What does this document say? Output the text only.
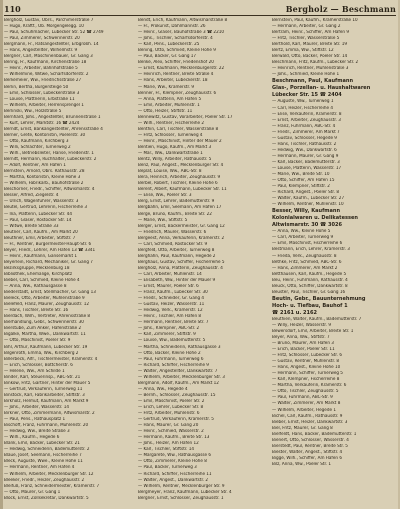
110	Bergholz — Beschmann
Bergholz, Gustav, Obrs., Parchimerstraße 7
— Hugo, Kraftf., Ob. Morgengelegg. 10
— Paul, Schuhmacher, Lübecker Str. 52 ☎ 2749
— Paul, Zimmerer, Schwerinerstr. 20
Bergmann, Fr., Ratsangestellter, Erbgroßh. 14
— Hans, Angestellter, Wilhelmstr. 9
Bergner, Carl, Maschinenbauer, Gr. Gang 3
Bering, Fr., Kaufmann, Kirchenstraße 18
— Heinr., Arbeiter, Bahnhofstraße 5
— Wilhelmine, Witwe, Scharfsdorferstr. 2
Berkemeier, Ww., Friedrichsstraße 27
Berlin, Bertha, Bürgersteige 50
— Emil, Schlosser, Lübeckerstraße 3
— Louise, Plättnerin, Erbstraße 11
— Wilhelm, Arbeiter, Herrensprengel 1
Berlinski, Ww., Holzstraße 5
Bernhard, Johs., Angestellter, Brunnenstraße 1
— Kurt, Lehrer, Marktstr. 16 ☎ 2424
Berndt, Ernst, Bankangestellter, Ahrensstraße 4
Berner, Grete, Kontoristin, Poelerstr. 30
— Otto, Kaufmann, Kirchberg 3
— Willi, Schlachter, Turnerweg 2
— Wilh., Betriebsleiter, Hanse, Friedenstr. 1
Bernitt, Hermann, Ruchhalter, Lübeckerstr. 2
— Adolf, Rentner, Am Hafen 1
Bernstein, Arnold, Obrs. Rathausstr. 28
— Martha, Kontoristin, Kleine Hohe 3
— Wilhelm, Fabrikarb., Bauhofstraße 2
Beschorner, Friedr., Schiffer, Altwismarstr. 4
Besser, Alfred, Ziegelstr. 4
— Ulrich, Wagenführer, Wasserstr. 3
Beutel, Gertrud, Lehrerin, Fischerreihe 3
— Ina, Plätterin, Lübecker Str. 44
— Paul, Glaser, Rostocker Str. 14
— Witwe, Breite Straße 33
Beutner, Carl, Kaufm., Am Markt 20
Beuthner, Emil, Arbeiter, Stiftstr. 7
— Fr., Rentner, Bürgermeister-Haupt-Str. 6
Beyer, Friedr., Lehrer, Am Hafen 13 ☎ 3341
— Heinr., Kaufmann, Gänsemarkt 1
Beyerlein, Richard, Mechaniker, Gr. Gang 7
Bezirksgruppe, Mecklenburg 18
Bibliothek, Ehemalige, Kirchplatz
Biebel, Carl, Schmied, Kleine Hohe 4
— Anna, Ww., Rathausgasse 8
Biederstädt, Ernst, Stellmacher, Gr. Gang 13
Bieleck, Otto, Arbeiter, Mühlenstraße 9
Bielefeld, Franz, Maurer, Zeughausstr. 12
— Hans, Tischler, Breite Str. 16
Bierdach, Wilh., Vertreter, Ahrensstraße 8
Bierhandlung, Gebr., Schwerinerstr. 30
Bierstube, Zum Anker, Hafenstraße 2
Bigalke, Martha, Wwe., Dankwartstr. 11
— Otto, Maschinist, Poeler Str. 9
Bihl, Arthur, Kaufmann, Lübecker Str. 19
Bilgenröth, Emma, Ww., Kirchberg 2
Billerbeck, Alfr., Tischlermeister, Krämerstr. 4
— Erich, Schlosser, Böttcherstr. 6
— Helene, Ww., Am Schilde 1
Binder, Karl, Steuerinsp., ABC-Str. 21
Binkow, Fritz, Gärtner, Hinter der Mauer 5
— Gertrud, Verkäuferin, Turnerweg 11
Binstock, Karl, Fabrikarbeiter, Stiftstr. 3
Birkholz, Helmut, Kaufmann, Am Markt 9
— Johs., Arbeiter, Wasserstr. 14
Birkner, Otto, Zimmermann, Altwismarstr. 2
— Paul, Pens., Rathausplatz 1
Bischoff, Franz, Fuhrmann, Mühlenstr. 20
— Hedwig, Ww., Breite Straße 3
— Wilh., Kaufm., Hegede 6
Blank, Emil, Bäcker, Lübecker Str. 21
— Hedwig, Schneiderin, Bademutterstr. 2
Blaue, Josef, Seemann, Fischerreihe 7
Bleck, Auguste, Wwe., Kleine Hohe 11
— Hermann, Rentner, Am Hafen 4
— Wilhelm, Arbeiter, Mecklenburger Str. 12
Bleeker, Friedr., Heizer, Zeughausstr. 2
Bleifuß, Franz, Schneidermeister, Krämerstr. 7
— Otto, Maurer, Gr. Gang 1
Block, Ernst, Zollsekretär, Dankwartstr. 5
Bendt, Erich, Kaufmann, Altwismarstraße 8
— Fr., Prokurist, Dahlmannstr. 26
— Heinr., Glaser, Bauhofstraße 3 ☎ 2210
— Johs., Tischler, Scharfsdorferstr. 4
— Karl, Pens., Lübeckerstr. 25
Bening, Otto, Schmied, Kleine Hohe 9
— Paul, Bäcker, Gr. Gang 17
Benke, Alex, Schiffer, Friedenshof 20
— Ernst, Kaufmann, Mecklenburgerstr. 22
— Heinrich, Rentner, Breite Straße 4
— Hans, Arbeiter, Lübeckerstr. 18
— Marie, Ww., Krämerstr. 9
Benner, Fr., Klempner, Zeughausstr. 6
— Anna, Plätterin, Am Hafen 5
— Emil, Arbeiter, Mühlenstr. 1
— Otto, Heizer, Stiftstr. 11
Bennewitz, Gustav, Vorarbeiter, Poeler Str. 17
— Wilh., Rentner, Fischerreihe 2
Benthin, Carl, Tischler, Wasserstraße 8
— Fritz, Schlosser, Turnerweg 4
— Heinr., Maschinist, Hinter der Mauer 2
Bentien, Hugo, Kaufm., Am Markt 3
— Mar., Ww., Dankwartstraße 1
Bentz, Willy, Arbeiter, Rathausstr. 5
Benz, Paul, Angest., Mecklenburger Str. 4
Beplat, Louise, Ww., ABC-Str. 8
Bera, Heinrich, Arbeiter, Zeughausstr. 9
Berbel, Robert, Tischler, Kleine Hohe 6
Berent, Albert, Kaufmann, Lübecker Str. 11
— Elise, Ww., Poeler Str. 3
Berg, Ernst, Lehrer, Bademutterstr. 9
Bergbahn, Emil, Seemann, Am Hafen 17
Berge, Bruno, Kaufm., Breite Str. 22
— Marie, Ww., Stiftstr. 5
Berger, Ernst, Bäckermeister, Gr. Gang 12
— Friedrich, Maurer, Wasserstr. 6
Bergeest, Anna, Verkäuferin, Krämerstr. 2
— Carl, Schmied, Rostocker Str. 9
Bergfeld, Otto, Arbeiter, Turnerweg 8
Berghahn, Paul, Kaufmann, Hegede 2
Berghaus, Gustav, Schiffer, Fischerreihe 5
Bergholz, Anna, Plätterin, Zeughausstr. 4
— Carl, Arbeiter, Mühlenstr. 14
— Elisabeth, Ww., Hinter der Mauer 9
— Ernst, Maurer, Poeler Str. 6
— Franz, Kaufm., Lübecker Str. 30
— Friedr., Schneider, Gr. Gang 4
— Gustav, Heizer, Wasserstr. 11
— Hedwig, Verk., Krämerstr. 12
— Heinr., Tischler, Am Hafen 8
— Hermann, Rentner, Breite Str. 7
— Johs., Klempner, ABC-Str. 2
— Karl, Zimmerer, Stiftstr. 9
— Louise, Ww., Bademutterstr. 5
— Martha, Schneiderin, Rathausgasse 3
— Otto, Bäcker, Kleine Hohe 2
— Paul, Fuhrmann, Turnerweg 6
— Richard, Schiffer, Fischerreihe 9
— Walter, Angestellter, Dankwartstr. 7
— Wilhelm, Arbeiter, Mecklenburger Str. 3
Bergmann, Adolf, Kaufm., Am Markt 12
— Anna, Ww., Hegede 4
— Bernh., Schlosser, Zeughausstr. 15
— Emil, Maschinist, Poeler Str. 2
— Erich, Lehrer, Lübecker Str. 8
— Fritz, Arbeiter, Mühlenstr. 6
— Gertrud, Verkäuferin, Krämerstr. 5
— Hans, Maurer, Gr. Gang 20
— Heinr., Schmied, Wasserstr. 2
— Hermann, Kaufm., Breite Str. 13
— Johs., Heizer, Am Hafen 12
— Karl, Tischler, Stiftstr. 14
— Margarete, Ww., Rathausgasse 6
— Otto, Zimmerer, Kleine Hohe 8
— Paul, Bäcker, Turnerweg 3
— Richard, Schiffer, Fischerreihe 11
— Walter, Angest., Dankwartstr. 2
— Wilhelm, Rentner, Mecklenburger Str. 9
Bergmeyer, Franz, Kaufmann, Lübecker Str. 4
Bergner, Ernst, Schlosser, Zeughausstr. 1
Bernstein, Paul, Kaufm., Krämerstraße 10
— Hermann, Arbeiter, Gr. Gang 2
Bertram, Heinr., Schiffer, Am Hafen 9
— Fritz, Tischler, Wasserstraße 5
Berthold, Karl, Maurer, Breite Str. 19
Bertz, Emma, Ww., Stiftstr. 12
Berwald, Otto, Bäcker, Poeler Str. 14
Beschmann, Fritz, Kaufm., Lübecker Str. 2
— Heinrich, Rentner, Mühlenstraße 3
— Johs., Schmied, Kleine Hohe 1
Beschmann, Paul, Kaufmann
Glas-, Porzellan- u. Haushaltwaren
Lübecker Str. 15 ☎ 2404
— Auguste, Ww., Turnerweg 1
— Carl, Heizer, Fischerreihe 4
— Elise, Verkäuferin, Krämerstr. 8
— Ernst, Arbeiter, Zeughausstr. 3
— Franz, Fuhrmann, ABC-Str. 4
— Friedr., Zimmerer, Am Markt 7
— Gustav, Schlosser, Hegede 9
— Hans, Tischler, Rathausstr. 2
— Hedwig, Ww., Dankwartstr. 6
— Hermann, Maurer, Gr. Gang 9
— Karl, Bäcker, Bademutterstr. 3
— Louise, Plätterin, Wasserstr. 17
— Marie, Ww., Breite Str. 10
— Otto, Schiffer, Am Hafen 15
— Paul, Klempner, Stiftstr. 2
— Richard, Angest., Poeler Str. 8
— Walter, Kaufm., Lübecker Str. 27
— Wilhelm, Rentner, Mühlenstr. 10
Besser, Willy, Kaufmann
Kolonialwaren u. Delikatessen
Altwismarstr. 30 ☎ 3026
— Anna, Ww., Kleine Hohe 5
— Carl, Arbeiter, Turnerweg 9
— Emil, Maschinist, Fischerreihe 6
Bestmann, Erich, Lehrer, Krämerstr. 3
— Frieda, Verk., Zeughausstr. 8
Bethke, Fritz, Schmied, ABC-Str. 6
— Hans, Zimmerer, Am Markt 2
Betthausen, Karl, Kaufm., Hegede 5
Beu, Heinr., Fuhrmann, Rathausstr. 4
Beuck, Otto, Schiffer, Dankwartstr. 8
Beuster, Paul, Tischler, Gr. Gang 16
Beutin, Gebr., Bauunternehmung
Hoch- u. Tiefbau, Bauhof 1
☎ 2161 u. 2162
Beuthien, Walter, Kaufm., Bademutterstr. 7
— Willy, Heizer, Wasserstr. 9
Bewersdorf, Emil, Arbeiter, Breite Str. 1
Beyer, Anna, Ww., Stiftstr. 7
— Bruno, Maurer, Am Hafen 3
— Erich, Bäcker, Poeler Str. 11
— Fritz, Schlosser, Lübecker Str. 6
— Gustav, Rentner, Mühlenstr. 8
— Hans, Angest., Kleine Hohe 10
— Hermann, Schiffer, Turnerweg 5
— Karl, Klempner, Fischerreihe 8
— Martha, Verkäuferin, Krämerstr. 6
— Otto, Tischler, Zeughausstr. 5
— Paul, Fuhrmann, ABC-Str. 9
— Walter, Zimmerer, Am Markt 8
— Wilhelm, Arbeiter, Hegede 1
Bichel, Carl, Kaufm., Rathausstr. 9
Bieber, Ernst, Heizer, Dankwartstr. 3
Biel, Fritz, Maurer, Gr. Gang 8
Bielfeldt, Hans, Bäcker, Bademutterstr. 1
Bienert, Otto, Schlosser, Wasserstr. 4
Bierstedt, Paul, Rentner, Breite Str. 5
Biester, Walter, Angest., Stiftstr. 4
Bigge, Wilh., Schiffer, Am Hafen 6
Bilz, Anna, Ww., Poeler Str. 1
